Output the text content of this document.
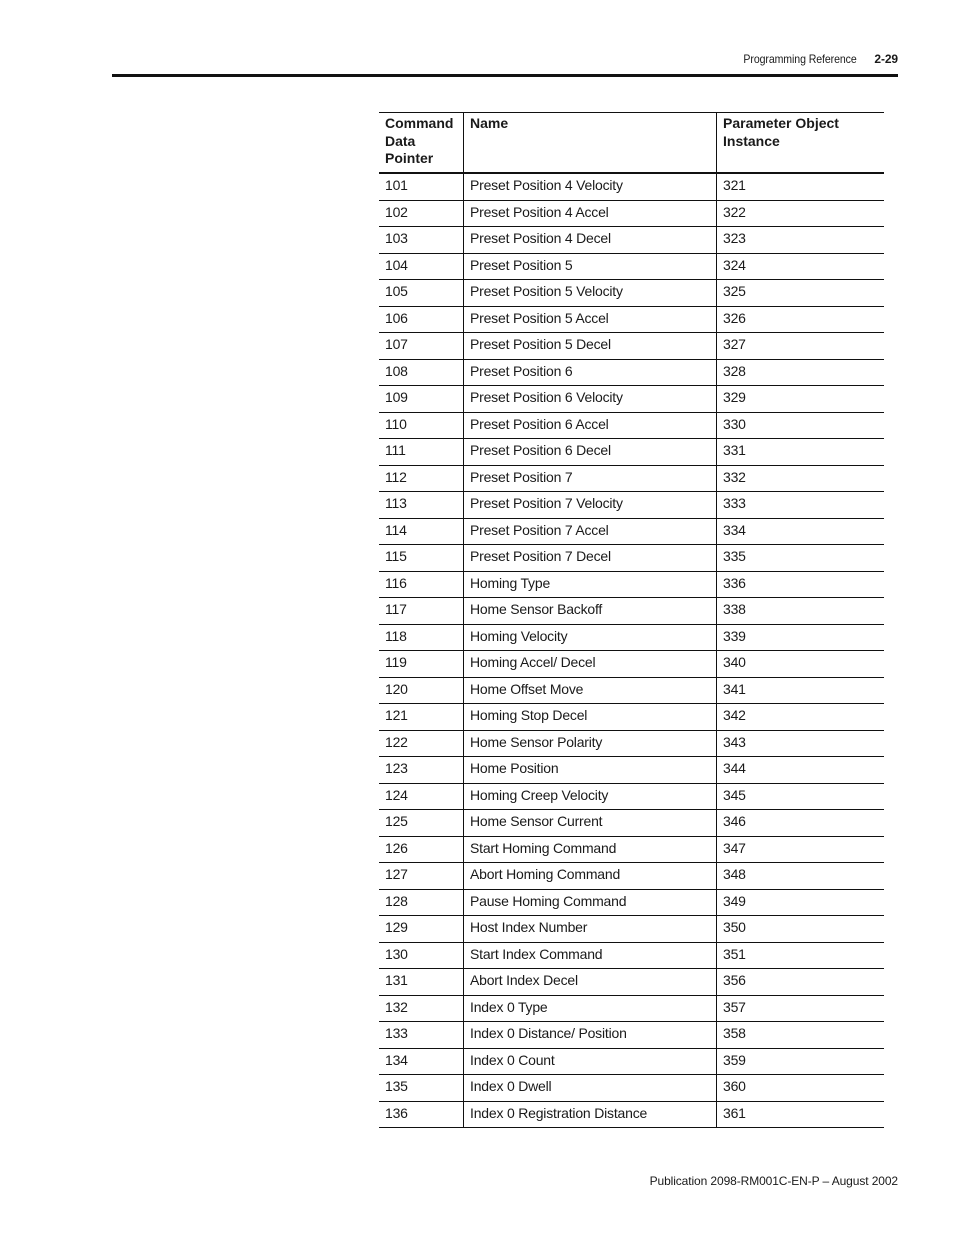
Programming Reference 2-29
Command
Data
Pointer	Name	Parameter Object
Instance
101	Preset Position 4 Velocity	321
102	Preset Position 4 Accel	322
103	Preset Position 4 Decel	323
104	Preset Position 5	324
105	Preset Position 5 Velocity	325
106	Preset Position 5 Accel	326
107	Preset Position 5 Decel	327
108	Preset Position 6	328
109	Preset Position 6 Velocity	329
110	Preset Position 6 Accel	330
111	Preset Position 6 Decel	331
112	Preset Position 7	332
113	Preset Position 7 Velocity	333
114	Preset Position 7 Accel	334
115	Preset Position 7 Decel	335
116	Homing Type	336
117	Home Sensor Backoff	338
118	Homing Velocity	339
119	Homing Accel/ Decel	340
120	Home Offset Move	341
121	Homing Stop Decel	342
122	Home Sensor Polarity	343
123	Home Position	344
124	Homing Creep Velocity	345
125	Home Sensor Current	346
126	Start Homing Command	347
127	Abort Homing Command	348
128	Pause Homing Command	349
129	Host Index Number	350
130	Start Index Command	351
131	Abort Index Decel	356
132	Index 0 Type	357
133	Index 0 Distance/ Position	358
134	Index 0 Count	359
135	Index 0 Dwell	360
136	Index 0 Registration Distance	361
Publication 2098-RM001C-EN-P – August 2002
